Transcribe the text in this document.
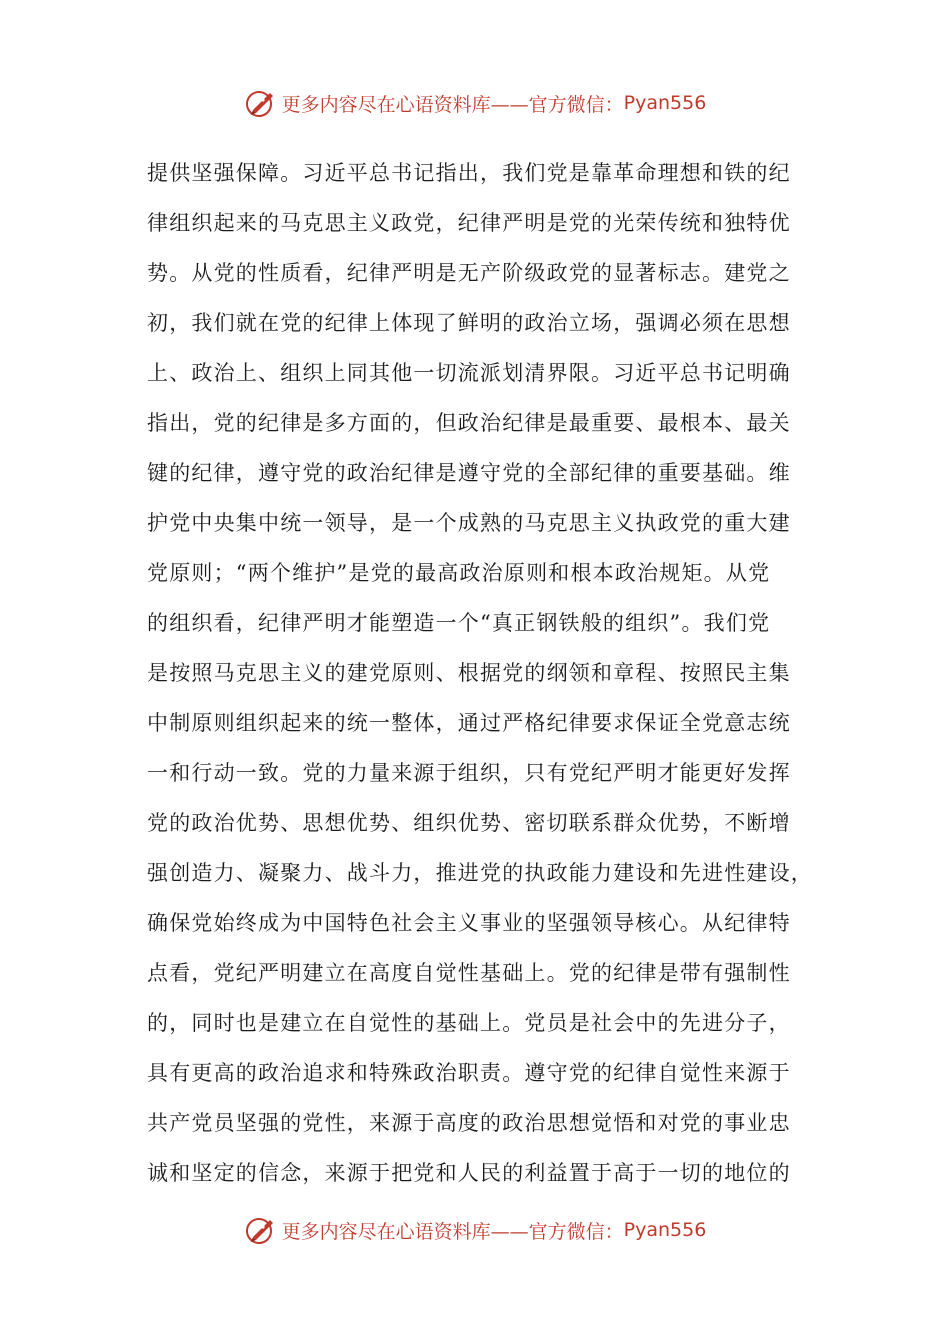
更多内容尽在心语资料库——官方微信： Pyan556
提供坚强保障。习近平总书记指出，我们党是靠革命理想和铁的纪
律组织起来的马克思主义政党，纪律严明是党的光荣传统和独特优
势。从党的性质看，纪律严明是无产阶级政党的显著标志。建党之
初，我们就在党的纪律上体现了鲜明的政治立场，强调必须在思想
上、政治上、组织上同其他一切流派划清界限。习近平总书记明确
指出，党的纪律是多方面的，但政治纪律是最重要、最根本、最关
键的纪律，遵守党的政治纪律是遵守党的全部纪律的重要基础。维
护党中央集中统一领导，是一个成熟的马克思主义执政党的重大建
党原则；“两个维护”是党的最高政治原则和根本政治规矩。从党
的组织看，纪律严明才能塑造一个“真正钢铁般的组织”。我们党
是按照马克思主义的建党原则、根据党的纲领和章程、按照民主集
中制原则组织起来的统一整体，通过严格纪律要求保证全党意志统
一和行动一致。党的力量来源于组织，只有党纪严明才能更好发挥
党的政治优势、思想优势、组织优势、密切联系群众优势，不断增
强创造力、凝聚力、战斗力，推进党的执政能力建设和先进性建设，
确保党始终成为中国特色社会主义事业的坚强领导核心。从纪律特
点看，党纪严明建立在高度自觉性基础上。党的纪律是带有强制性
的，同时也是建立在自觉性的基础上。党员是社会中的先进分子，
具有更高的政治追求和特殊政治职责。遵守党的纪律自觉性来源于
共产党员坚强的党性，来源于高度的政治思想觉悟和对党的事业忠
诚和坚定的信念，来源于把党和人民的利益置于高于一切的地位的
更多内容尽在心语资料库——官方微信： Pyan556
